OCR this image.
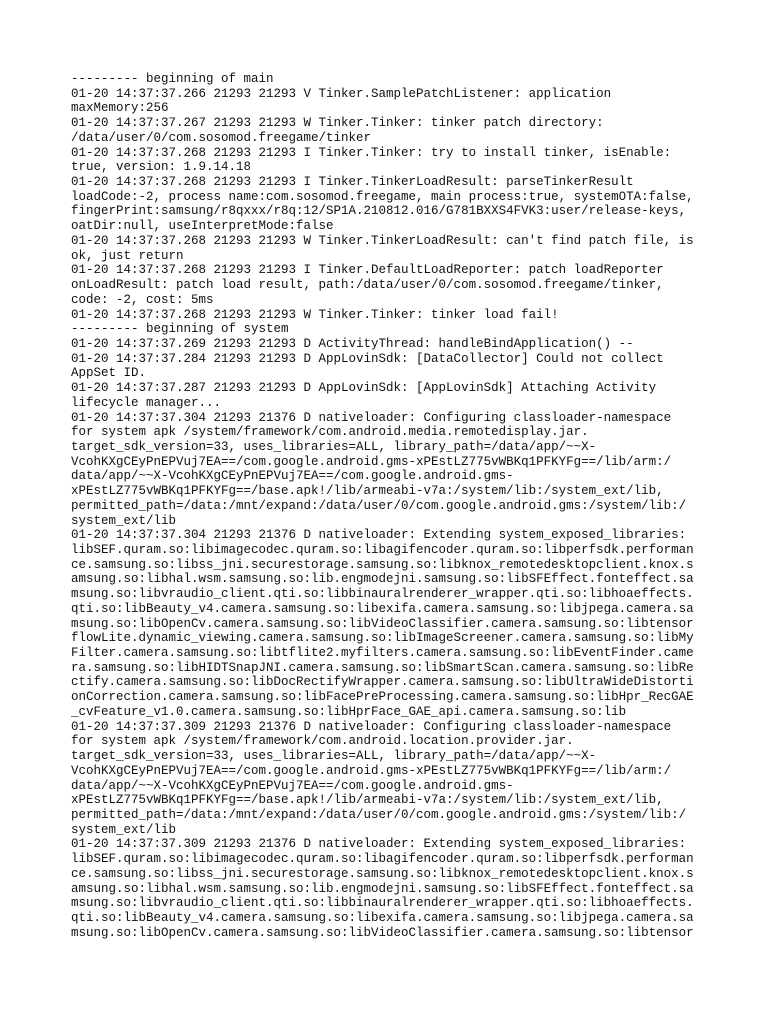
--------- beginning of main
01-20 14:37:37.266 21293 21293 V Tinker.SamplePatchListener: application
maxMemory:256
01-20 14:37:37.267 21293 21293 W Tinker.Tinker: tinker patch directory:
/data/user/0/com.sosomod.freegame/tinker
01-20 14:37:37.268 21293 21293 I Tinker.Tinker: try to install tinker, isEnable:
true, version: 1.9.14.18
01-20 14:37:37.268 21293 21293 I Tinker.TinkerLoadResult: parseTinkerResult
loadCode:-2, process name:com.sosomod.freegame, main process:true, systemOTA:false,
fingerPrint:samsung/r8qxxx/r8q:12/SP1A.210812.016/G781BXXS4FVK3:user/release-keys,
oatDir:null, useInterpretMode:false
01-20 14:37:37.268 21293 21293 W Tinker.TinkerLoadResult: can't find patch file, is
ok, just return
01-20 14:37:37.268 21293 21293 I Tinker.DefaultLoadReporter: patch loadReporter
onLoadResult: patch load result, path:/data/user/0/com.sosomod.freegame/tinker,
code: -2, cost: 5ms
01-20 14:37:37.268 21293 21293 W Tinker.Tinker: tinker load fail!
--------- beginning of system
01-20 14:37:37.269 21293 21293 D ActivityThread: handleBindApplication() --
01-20 14:37:37.284 21293 21293 D AppLovinSdk: [DataCollector] Could not collect
AppSet ID.
01-20 14:37:37.287 21293 21293 D AppLovinSdk: [AppLovinSdk] Attaching Activity
lifecycle manager...
01-20 14:37:37.304 21293 21376 D nativeloader: Configuring classloader-namespace
for system apk /system/framework/com.android.media.remotedisplay.jar.
target_sdk_version=33, uses_libraries=ALL, library_path=/data/app/~~X-
VcohKXgCEyPnEPVuj7EA==/com.google.android.gms-xPEstLZ775vWBKq1PFKYFg==/lib/arm:/
data/app/~~X-VcohKXgCEyPnEPVuj7EA==/com.google.android.gms-
xPEstLZ775vWBKq1PFKYFg==/base.apk!/lib/armeabi-v7a:/system/lib:/system_ext/lib,
permitted_path=/data:/mnt/expand:/data/user/0/com.google.android.gms:/system/lib:/
system_ext/lib
01-20 14:37:37.304 21293 21376 D nativeloader: Extending system_exposed_libraries:
libSEF.quram.so:libimagecodec.quram.so:libagifencoder.quram.so:libperfsdk.performan
ce.samsung.so:libss_jni.securestorage.samsung.so:libknox_remotedesktopclient.knox.s
amsung.so:libhal.wsm.samsung.so:lib.engmodejni.samsung.so:libSFEffect.fonteffect.sa
msung.so:libvraudio_client.qti.so:libbinauralrenderer_wrapper.qti.so:libhoaeffects.
qti.so:libBeauty_v4.camera.samsung.so:libexifa.camera.samsung.so:libjpega.camera.sa
msung.so:libOpenCv.camera.samsung.so:libVideoClassifier.camera.samsung.so:libtensor
flowLite.dynamic_viewing.camera.samsung.so:libImageScreener.camera.samsung.so:libMy
Filter.camera.samsung.so:libtflite2.myfilters.camera.samsung.so:libEventFinder.came
ra.samsung.so:libHIDTSnapJNI.camera.samsung.so:libSmartScan.camera.samsung.so:libRe
ctify.camera.samsung.so:libDocRectifyWrapper.camera.samsung.so:libUltraWideDistorti
onCorrection.camera.samsung.so:libFacePreProcessing.camera.samsung.so:libHpr_RecGAE
_cvFeature_v1.0.camera.samsung.so:libHprFace_GAE_api.camera.samsung.so:lib
01-20 14:37:37.309 21293 21376 D nativeloader: Configuring classloader-namespace
for system apk /system/framework/com.android.location.provider.jar.
target_sdk_version=33, uses_libraries=ALL, library_path=/data/app/~~X-
VcohKXgCEyPnEPVuj7EA==/com.google.android.gms-xPEstLZ775vWBKq1PFKYFg==/lib/arm:/
data/app/~~X-VcohKXgCEyPnEPVuj7EA==/com.google.android.gms-
xPEstLZ775vWBKq1PFKYFg==/base.apk!/lib/armeabi-v7a:/system/lib:/system_ext/lib,
permitted_path=/data:/mnt/expand:/data/user/0/com.google.android.gms:/system/lib:/
system_ext/lib
01-20 14:37:37.309 21293 21376 D nativeloader: Extending system_exposed_libraries:
libSEF.quram.so:libimagecodec.quram.so:libagifencoder.quram.so:libperfsdk.performan
ce.samsung.so:libss_jni.securestorage.samsung.so:libknox_remotedesktopclient.knox.s
amsung.so:libhal.wsm.samsung.so:lib.engmodejni.samsung.so:libSFEffect.fonteffect.sa
msung.so:libvraudio_client.qti.so:libbinauralrenderer_wrapper.qti.so:libhoaeffects.
qti.so:libBeauty_v4.camera.samsung.so:libexifa.camera.samsung.so:libjpega.camera.sa
msung.so:libOpenCv.camera.samsung.so:libVideoClassifier.camera.samsung.so:libtensor
